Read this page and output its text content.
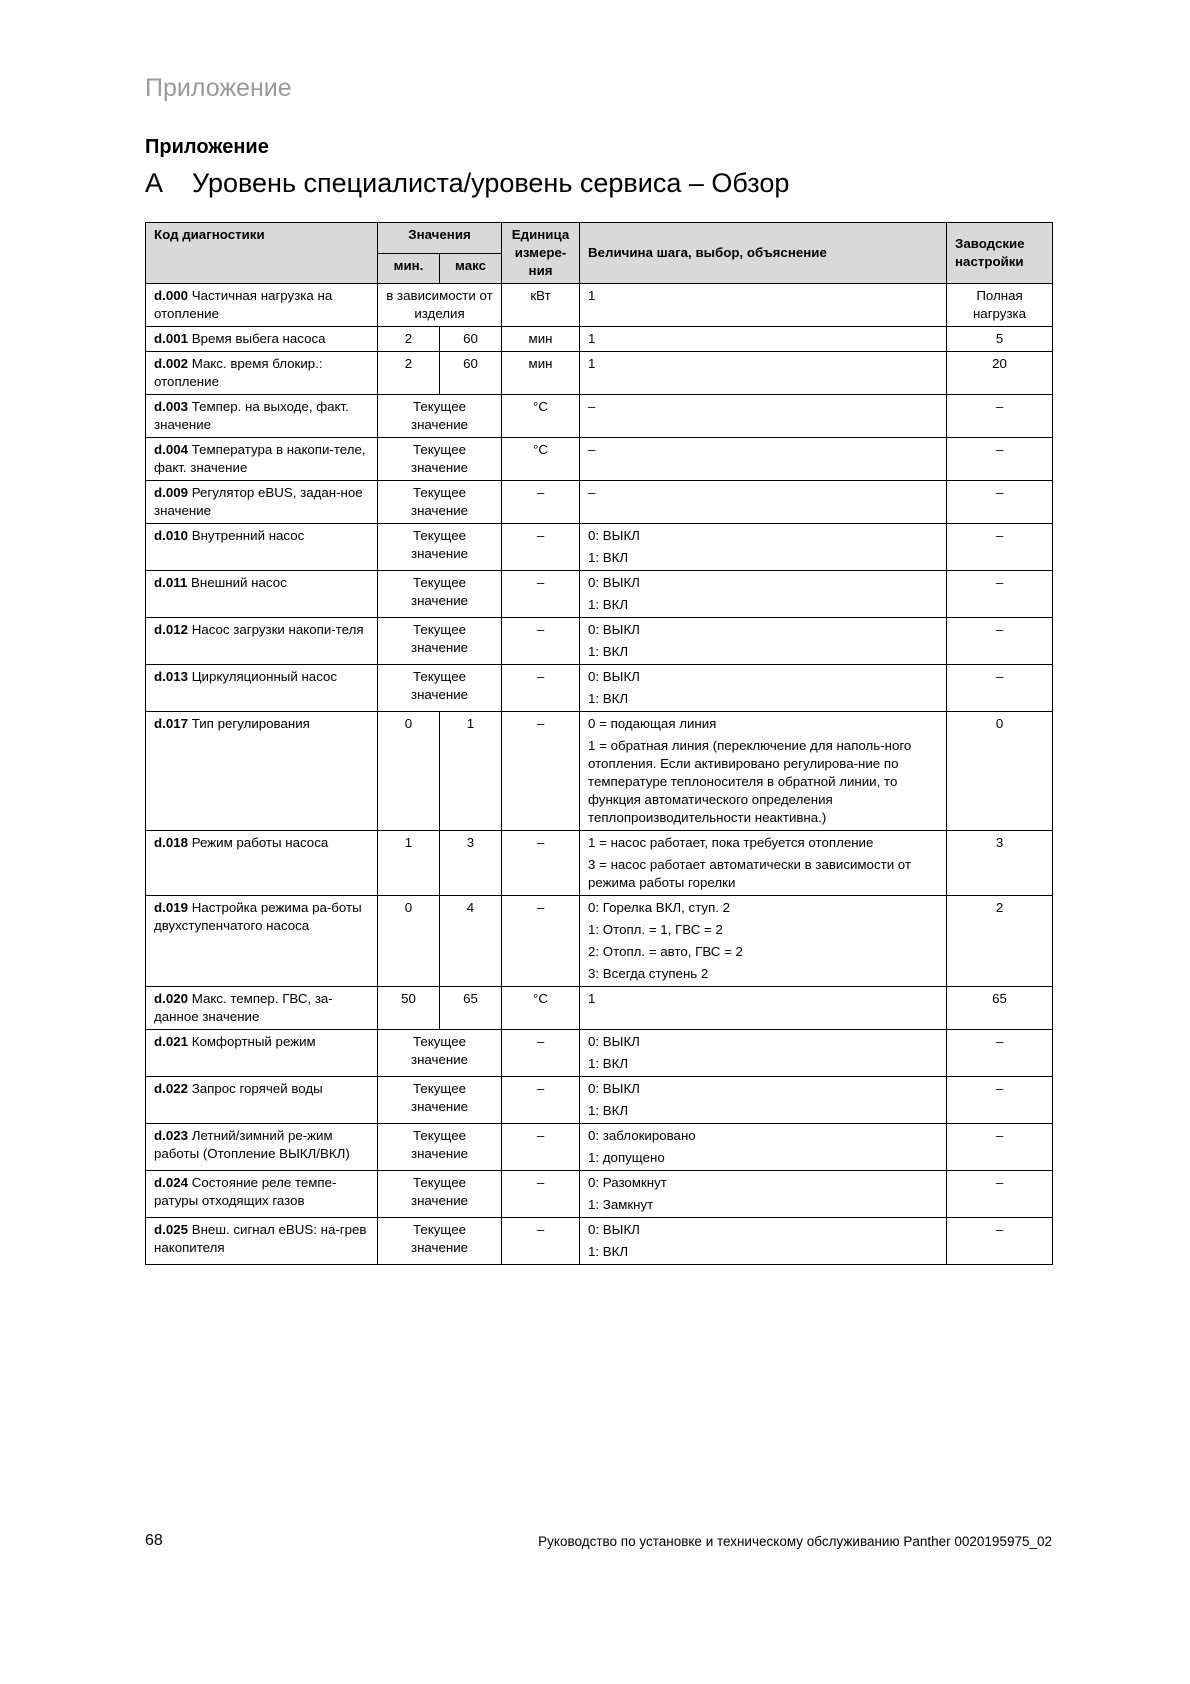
Приложение
Приложение
A Уровень специалиста/уровень сервиса – Обзор
Код диагностики	Значения		Единица измере-ния	Величина шага, выбор, объяснение	Заводские настройки
	мин.	макс			
d.000 Частичная нагрузка на отопление	в зависимости от изделия		кВт	1	Полная нагрузка
d.001 Время выбега насоса	2	60	мин	1	5
d.002 Макс. время блокир.: отопление	2	60	мин	1	20
d.003 Темпер. на выходе, факт. значение	Текущее значение		°C	–	–
d.004 Температура в накопи-теле, факт. значение	Текущее значение		°C	–	–
d.009 Регулятор eBUS, задан-ное значение	Текущее значение		–	–	–
d.010 Внутренний насос	Текущее значение		–	0: ВЫКЛ
1: ВКЛ	–
d.011 Внешний насос	Текущее значение		–	0: ВЫКЛ
1: ВКЛ	–
d.012 Насос загрузки накопи-теля	Текущее значение		–	0: ВЫКЛ
1: ВКЛ	–
d.013 Циркуляционный насос	Текущее значение		–	0: ВЫКЛ
1: ВКЛ	–
d.017 Тип регулирования	0	1	–	0 = подающая линия
1 = обратная линия (переключение для наполь-ного отопления. Если активировано регулирова-ние по температуре теплоносителя в обратной линии, то функция автоматического определения теплопроизводительности неактивна.)	0
d.018 Режим работы насоса	1	3	–	1 = насос работает, пока требуется отопление
3 = насос работает автоматически в зависимости от режима работы горелки	3
d.019 Настройка режима ра-боты двухступенчатого насоса	0	4	–	0: Горелка ВКЛ, ступ. 2
1: Отопл. = 1, ГВС = 2
2: Отопл. = авто, ГВС = 2
3: Всегда ступень 2	2
d.020 Макс. темпер. ГВС, за-данное значение	50	65	°C	1	65
d.021 Комфортный режим	Текущее значение		–	0: ВЫКЛ
1: ВКЛ	–
d.022 Запрос горячей воды	Текущее значение		–	0: ВЫКЛ
1: ВКЛ	–
d.023 Летний/зимний ре-жим работы (Отопление ВЫКЛ/ВКЛ)	Текущее значение		–	0: заблокировано
1: допущено	–
d.024 Состояние реле темпе-ратуры отходящих газов	Текущее значение		–	0: Разомкнут
1: Замкнут	–
d.025 Внеш. сигнал eBUS: на-грев накопителя	Текущее значение		–	0: ВЫКЛ
1: ВКЛ	–
68	Руководство по установке и техническому обслуживанию Panther 0020195975_02
